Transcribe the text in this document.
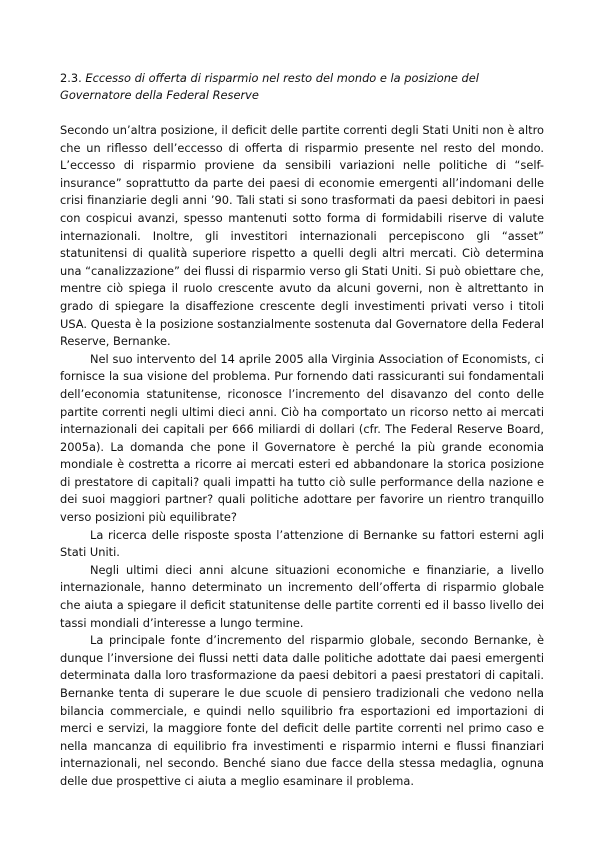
2.3. Eccesso di offerta di risparmio nel resto del mondo e la posizione del Governatore della Federal Reserve

Secondo un’altra posizione, il deficit delle partite correnti degli Stati Uniti non è altro che un riflesso dell’eccesso di offerta di risparmio presente nel resto del mondo. L’eccesso di risparmio proviene da sensibili variazioni nelle politiche di “self-insurance” soprattutto da parte dei paesi di economie emergenti all’indomani delle crisi finanziarie degli anni ’90. Tali stati si sono trasformati da paesi debitori in paesi con cospicui avanzi, spesso mantenuti sotto forma di formidabili riserve di valute internazionali. Inoltre, gli investitori internazionali percepiscono gli “asset” statunitensi di qualità superiore rispetto a quelli degli altri mercati. Ciò determina una “canalizzazione” dei flussi di risparmio verso gli Stati Uniti. Si può obiettare che, mentre ciò spiega il ruolo crescente avuto da alcuni governi, non è altrettanto in grado di spiegare la disaffezione crescente degli investimenti privati verso i titoli USA. Questa è la posizione sostanzialmente sostenuta dal Governatore della Federal Reserve, Bernanke.

Nel suo intervento del 14 aprile 2005 alla Virginia Association of Economists, ci fornisce la sua visione del problema. Pur fornendo dati rassicuranti sui fondamentali dell’economia statunitense, riconosce l’incremento del disavanzo del conto delle partite correnti negli ultimi dieci anni. Ciò ha comportato un ricorso netto ai mercati internazionali dei capitali per 666 miliardi di dollari (cfr. The Federal Reserve Board, 2005a). La domanda che pone il Governatore è perché la più grande economia mondiale è costretta a ricorre ai mercati esteri ed abbandonare la storica posizione di prestatore di capitali? quali impatti ha tutto ciò sulle performance della nazione e dei suoi maggiori partner? quali politiche adottare per favorire un rientro tranquillo verso posizioni più equilibrate?

La ricerca delle risposte sposta l’attenzione di Bernanke su fattori esterni agli Stati Uniti.

Negli ultimi dieci anni alcune situazioni economiche e finanziarie, a livello internazionale, hanno determinato un incremento dell’offerta di risparmio globale che aiuta a spiegare il deficit statunitense delle partite correnti ed il basso livello dei tassi mondiali d’interesse a lungo termine.

La principale fonte d’incremento del risparmio globale, secondo Bernanke, è dunque l’inversione dei flussi netti data dalle politiche adottate dai paesi emergenti determinata dalla loro trasformazione da paesi debitori a paesi prestatori di capitali. Bernanke tenta di superare le due scuole di pensiero tradizionali che vedono nella bilancia commerciale, e quindi nello squilibrio fra esportazioni ed importazioni di merci e servizi, la maggiore fonte del deficit delle partite correnti nel primo caso e nella mancanza di equilibrio fra investimenti e risparmio interni e flussi finanziari internazionali, nel secondo. Benché siano due facce della stessa medaglia, ognuna delle due prospettive ci aiuta a meglio esaminare il problema.
